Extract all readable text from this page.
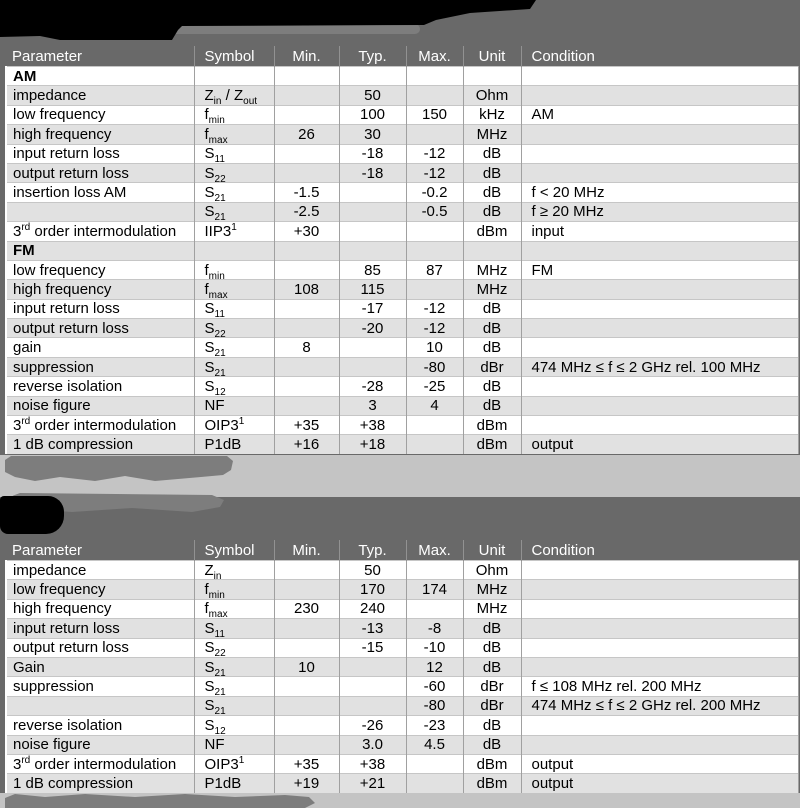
Parameter	Symbol	Min.	Typ.	Max.	Unit	Condition
AM						
impedance	$Z_{in} / Z_{out}$		50		Ohm	
low frequency	$f_{min}$		100	150	kHz	AM
high frequency	$f_{max}$	26	30		MHz	
input return loss	$S_{11}$		-18	-12	dB	
output return loss	$S_{22}$		-18	-12	dB	
insertion loss AM	$S_{21}$	-1.5		-0.2	dB	f < 20 MHz
	$S_{21}$	-2.5		-0.5	dB	f ≥ 20 MHz
3rd order intermodulation	$IIP3^1$	+30			dBm	input
FM						
low frequency	$f_{min}$		85	87	MHz	FM
high frequency	$f_{max}$	108	115		MHz	
input return loss	$S_{11}$		-17	-12	dB	
output return loss	$S_{22}$		-20	-12	dB	
gain	$S_{21}$	8		10	dB	
suppression	$S_{21}$			-80	dBr	474 MHz ≤ f ≤ 2 GHz rel. 100 MHz
reverse isolation	$S_{12}$		-28	-25	dB	
noise figure	NF		3	4	dB	
3rd order intermodulation	$OIP3^1$	+35	+38		dBm	
1 dB compression	P1dB	+16	+18		dBm	output
Parameter	Symbol	Min.	Typ.	Max.	Unit	Condition
impedance	$Z_{in}$		50		Ohm	
low frequency	$f_{min}$		170	174	MHz	
high frequency	$f_{max}$	230	240		MHz	
input return loss	$S_{11}$		-13	-8	dB	
output return loss	$S_{22}$		-15	-10	dB	
Gain	$S_{21}$	10		12	dB	
suppression	$S_{21}$			-60	dBr	f ≤ 108 MHz rel. 200 MHz
	$S_{21}$			-80	dBr	474 MHz ≤ f ≤ 2 GHz rel. 200 MHz
reverse isolation	$S_{12}$		-26	-23	dB	
noise figure	NF		3.0	4.5	dB	
3rd order intermodulation	$OIP3^1$	+35	+38		dBm	output
1 dB compression	P1dB	+19	+21		dBm	output
